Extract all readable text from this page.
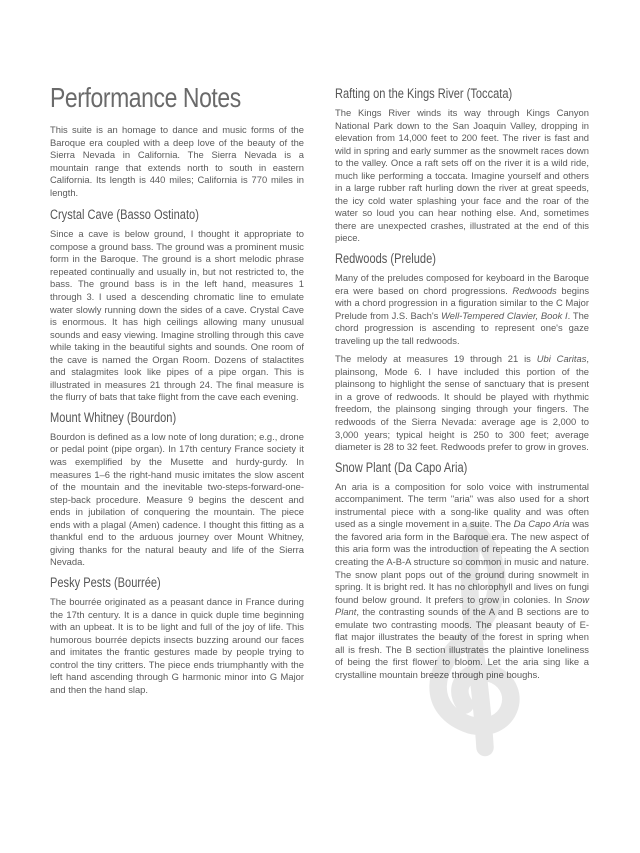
Performance Notes

This suite is an homage to dance and music forms of the Baroque era coupled with a deep love of the beauty of the Sierra Nevada in California. The Sierra Nevada is a mountain range that extends north to south in eastern California. Its length is 440 miles; California is 770 miles in length.

Crystal Cave (Basso Ostinato)

Since a cave is below ground, I thought it appropriate to compose a ground bass. The ground was a prominent music form in the Baroque. The ground is a short melodic phrase repeated continually and usually in, but not restricted to, the bass. The ground bass is in the left hand, measures 1 through 3. I used a descending chromatic line to emulate water slowly running down the sides of a cave. Crystal Cave is enormous. It has high ceilings allowing many unusual sounds and easy viewing. Imagine strolling through this cave while taking in the beautiful sights and sounds. One room of the cave is named the Organ Room. Dozens of stalactites and stalagmites look like pipes of a pipe organ. This is illustrated in measures 21 through 24. The final measure is the flurry of bats that take flight from the cave each evening.

Mount Whitney (Bourdon)

Bourdon is defined as a low note of long duration; e.g., drone or pedal point (pipe organ). In 17th century France society it was exemplified by the Musette and hurdy-gurdy. In measures 1–6 the right-hand music imitates the slow ascent of the mountain and the inevitable two-steps-forward-one-step-back procedure. Measure 9 begins the descent and ends in jubilation of conquering the mountain. The piece ends with a plagal (Amen) cadence. I thought this fitting as a thankful end to the arduous journey over Mount Whitney, giving thanks for the natural beauty and life of the Sierra Nevada.

Pesky Pests (Bourrée)

The bourrée originated as a peasant dance in France during the 17th century. It is a dance in quick duple time beginning with an upbeat. It is to be light and full of the joy of life. This humorous bourrée depicts insects buzzing around our faces and imitates the frantic gestures made by people trying to control the tiny critters. The piece ends triumphantly with the left hand ascending through G harmonic minor into G Major and then the hand slap.

Rafting on the Kings River (Toccata)

The Kings River winds its way through Kings Canyon National Park down to the San Joaquin Valley, dropping in elevation from 14,000 feet to 200 feet. The river is fast and wild in spring and early summer as the snowmelt races down to the valley. Once a raft sets off on the river it is a wild ride, much like performing a toccata. Imagine yourself and others in a large rubber raft hurling down the river at great speeds, the icy cold water splashing your face and the roar of the water so loud you can hear nothing else. And, sometimes there are unexpected crashes, illustrated at the end of this piece.

Redwoods (Prelude)

Many of the preludes composed for keyboard in the Baroque era were based on chord progressions. Redwoods begins with a chord progression in a figuration similar to the C Major Prelude from J.S. Bach's Well-Tempered Clavier, Book I. The chord progression is ascending to represent one's gaze traveling up the tall redwoods.

The melody at measures 19 through 21 is Ubi Caritas, plainsong, Mode 6. I have included this portion of the plainsong to highlight the sense of sanctuary that is present in a grove of redwoods. It should be played with rhythmic freedom, the plainsong singing through your fingers. The redwoods of the Sierra Nevada: average age is 2,000 to 3,000 years; typical height is 250 to 300 feet; average diameter is 28 to 32 feet. Redwoods prefer to grow in groves.

Snow Plant (Da Capo Aria)

An aria is a composition for solo voice with instrumental accompaniment. The term "aria" was also used for a short instrumental piece with a song-like quality and was often used as a single movement in a suite. The Da Capo Aria was the favored aria form in the Baroque era. The new aspect of this aria form was the introduction of repeating the A section creating the A-B-A structure so common in music and nature. The snow plant pops out of the ground during snowmelt in spring. It is bright red. It has no chlorophyll and lives on fungi found below ground. It prefers to grow in colonies. In Snow Plant, the contrasting sounds of the A and B sections are to emulate two contrasting moods. The pleasant beauty of E-flat major illustrates the beauty of the forest in spring when all is fresh. The B section illustrates the plaintive loneliness of being the first flower to bloom. Let the aria sing like a crystalline mountain breeze through pine boughs.
